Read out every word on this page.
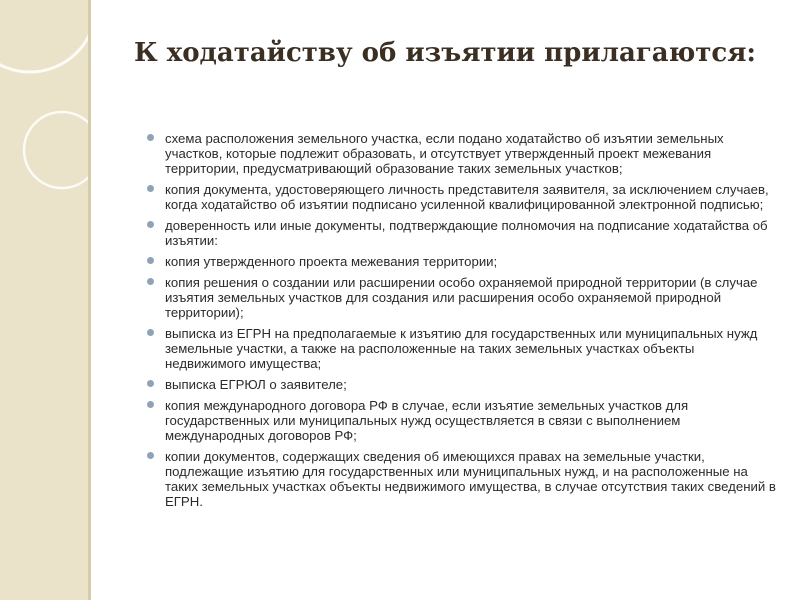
К ходатайству об изъятии прилагаются:
схема расположения земельного участка, если подано ходатайство об изъятии земельных участков, которые подлежит образовать, и отсутствует утвержденный проект межевания территории, предусматривающий образование таких земельных участков;
копия документа, удостоверяющего личность представителя заявителя, за исключением случаев, когда ходатайство об изъятии подписано усиленной квалифицированной электронной подписью;
доверенность или иные документы, подтверждающие полномочия на подписание ходатайства об изъятии:
копия утвержденного проекта межевания территории;
копия решения о создании или расширении особо охраняемой природной территории (в случае изъятия земельных участков для создания или расширения особо охраняемой природной территории);
выписка из ЕГРН на предполагаемые к изъятию для государственных или муниципальных нужд земельные участки, а также на расположенные на таких земельных участках объекты недвижимого имущества;
выписка ЕГРЮЛ о заявителе;
копия международного договора РФ в случае, если изъятие земельных участков для государственных или муниципальных нужд осуществляется в связи с выполнением международных договоров РФ;
копии документов, содержащих сведения об имеющихся правах на земельные участки, подлежащие изъятию для государственных или муниципальных нужд, и на расположенные на таких земельных участках объекты недвижимого имущества, в случае отсутствия таких сведений в ЕГРН.
